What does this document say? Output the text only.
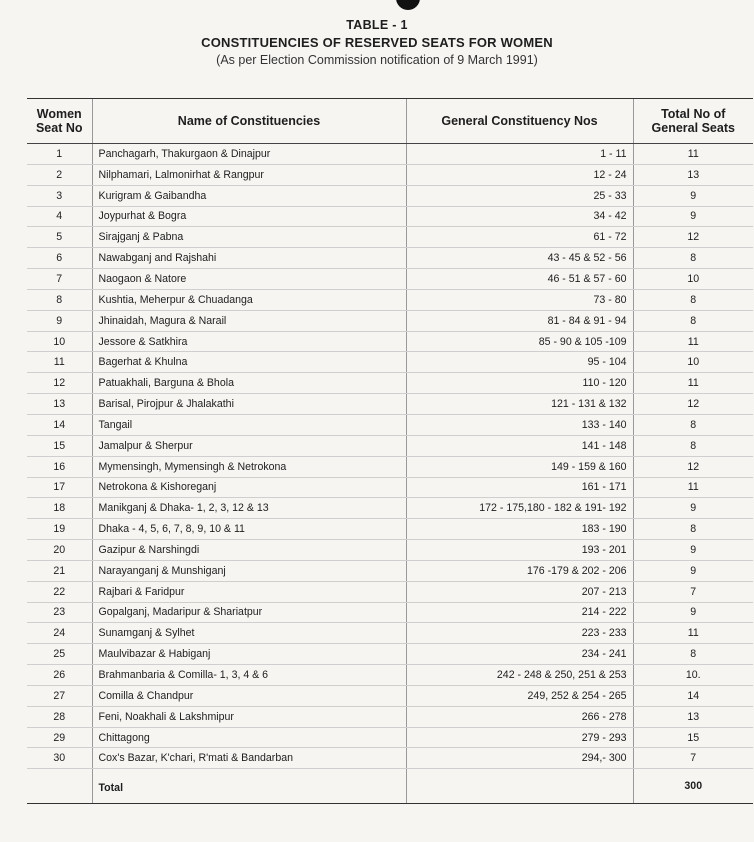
TABLE - 1
CONSTITUENCIES OF RESERVED SEATS FOR WOMEN
(As per Election Commission notification of 9 March 1991)
Women Seat No	Name of Constituencies	General Constituency Nos	Total No of General Seats
1	Panchagarh, Thakurgaon & Dinajpur	1 - 11	11
2	Nilphamari, Lalmonirhat & Rangpur	12 - 24	13
3	Kurigram & Gaibandha	25 - 33	9
4	Joypurhat & Bogra	34 - 42	9
5	Sirajganj & Pabna	61 - 72	12
6	Nawabganj and Rajshahi	43 - 45 & 52 - 56	8
7	Naogaon & Natore	46 - 51 & 57 - 60	10
8	Kushtia, Meherpur & Chuadanga	73 - 80	8
9	Jhinaidah, Magura & Narail	81 - 84 & 91 - 94	8
10	Jessore & Satkhira	85 - 90 & 105 -109	11
11	Bagerhat & Khulna	95 - 104	10
12	Patuakhali, Barguna & Bhola	110 - 120	11
13	Barisal, Pirojpur & Jhalakathi	121 - 131 & 132	12
14	Tangail	133 - 140	8
15	Jamalpur & Sherpur	141 - 148	8
16	Mymensingh, Mymensingh & Netrokona	149 - 159 & 160	12
17	Netrokona & Kishoreganj	161 - 171	11
18	Manikganj & Dhaka- 1, 2, 3, 12 & 13	172 - 175,180 - 182 & 191- 192	9
19	Dhaka - 4, 5, 6, 7, 8, 9, 10 & 11	183 - 190	8
20	Gazipur & Narshingdi	193 - 201	9
21	Narayanganj & Munshiganj	176 -179 & 202 - 206	9
22	Rajbari & Faridpur	207 - 213	7
23	Gopalganj, Madaripur & Shariatpur	214 - 222	9
24	Sunamganj & Sylhet	223 - 233	11
25	Maulvibazar & Habiganj	234 - 241	8
26	Brahmanbaria & Comilla- 1, 3, 4 & 6	242 - 248 & 250, 251 & 253	10.
27	Comilla & Chandpur	249, 252 & 254 - 265	14
28	Feni, Noakhali & Lakshmipur	266 - 278	13
29	Chittagong	279 - 293	15
30	Cox's Bazar, K'chari, R'mati & Bandarban	294,- 300	7
	Total		300
